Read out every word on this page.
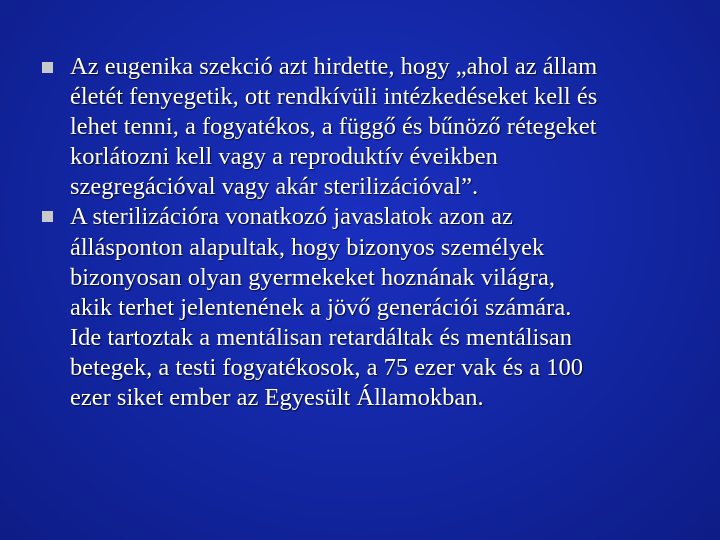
Az eugenika szekció azt hirdette, hogy „ahol az állam
életét fenyegetik, ott rendkívüli intézkedéseket kell és
lehet tenni, a fogyatékos, a függő és bűnöző rétegeket
korlátozni kell vagy a reproduktív éveikben
szegregációval vagy akár sterilizációval”.
A sterilizációra vonatkozó javaslatok azon az
állásponton alapultak, hogy bizonyos személyek
bizonyosan olyan gyermekeket hoznának világra,
akik terhet jelentenének a jövő generációi számára.
Ide tartoztak a mentálisan retardáltak és mentálisan
betegek, a testi fogyatékosok, a 75 ezer vak és a 100
ezer siket ember az Egyesült Államokban.
